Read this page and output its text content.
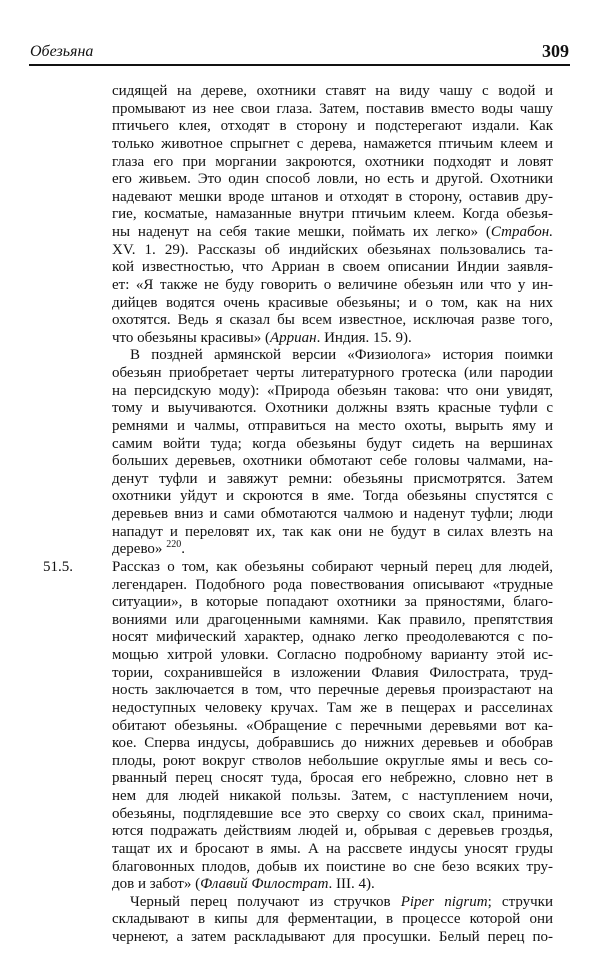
Обезьяна	309
сидящей на дереве, охотники ставят на виду чашу с водой и
промывают из нее свои глаза. Затем, поставив вместо воды чашу
птичьего клея, отходят в сторону и подстерегают издали. Как
только животное спрыгнет с дерева, намажется птичьим клеем и
глаза его при моргании закроются, охотники подходят и ловят
его живьем. Это один способ ловли, но есть и другой. Охотники
надевают мешки вроде штанов и отходят в сторону, оставив дру-
гие, косматые, намазанные внутри птичьим клеем. Когда обезья-
ны наденут на себя такие мешки, поймать их легко» (Страбон.
XV. 1. 29). Рассказы об индийских обезьянах пользовались та-
кой известностью, что Арриан в своем описании Индии заявля-
ет: «Я также не буду говорить о величине обезьян или что у ин-
дийцев водятся очень красивые обезьяны; и о том, как на них
охотятся. Ведь я сказал бы всем известное, исключая разве того,
что обезьяны красивы» (Арриан. Индия. 15. 9).
В поздней армянской версии «Физиолога» история поимки
обезьян приобретает черты литературного гротеска (или пародии
на персидскую моду): «Природа обезьян такова: что они увидят,
тому и выучиваются. Охотники должны взять красные туфли с
ремнями и чалмы, отправиться на место охоты, вырыть яму и
самим войти туда; когда обезьяны будут сидеть на вершинах
больших деревьев, охотники обмотают себе головы чалмами, на-
денут туфли и завяжут ремни: обезьяны присмотрятся. Затем
охотники уйдут и скроются в яме. Тогда обезьяны спустятся с
деревьев вниз и сами обмотаются чалмою и наденут туфли; люди
нападут и переловят их, так как они не будут в силах влезть на
дерево» $^{220}$.
51.5.	Рассказ о том, как обезьяны собирают черный перец для людей,
легендарен. Подобного рода повествования описывают «трудные
ситуации», в которые попадают охотники за пряностями, благо-
вониями или драгоценными камнями. Как правило, препятствия
носят мифический характер, однако легко преодолеваются с по-
мощью хитрой уловки. Согласно подробному варианту этой ис-
тории, сохранившейся в изложении Флавия Филострата, труд-
ность заключается в том, что перечные деревья произрастают на
недоступных человеку кручах. Там же в пещерах и расселинах
обитают обезьяны. «Обращение с перечными деревьями вот ка-
кое. Сперва индусы, добравшись до нижних деревьев и обобрав
плоды, роют вокруг стволов небольшие округлые ямы и весь со-
рванный перец сносят туда, бросая его небрежно, словно нет в
нем для людей никакой пользы. Затем, с наступлением ночи,
обезьяны, подглядевшие все это сверху со своих скал, принима-
ются подражать действиям людей и, обрывая с деревьев гроздья,
тащат их и бросают в ямы. А на рассвете индусы уносят груды
благовонных плодов, добыв их поистине во сне безо всяких тру-
дов и забот» (Флавий Филострат. III. 4).
Черный перец получают из стручков Piper nigrum; стручки
складывают в кипы для ферментации, в процессе которой они
чернеют, а затем раскладывают для просушки. Белый перец по-
